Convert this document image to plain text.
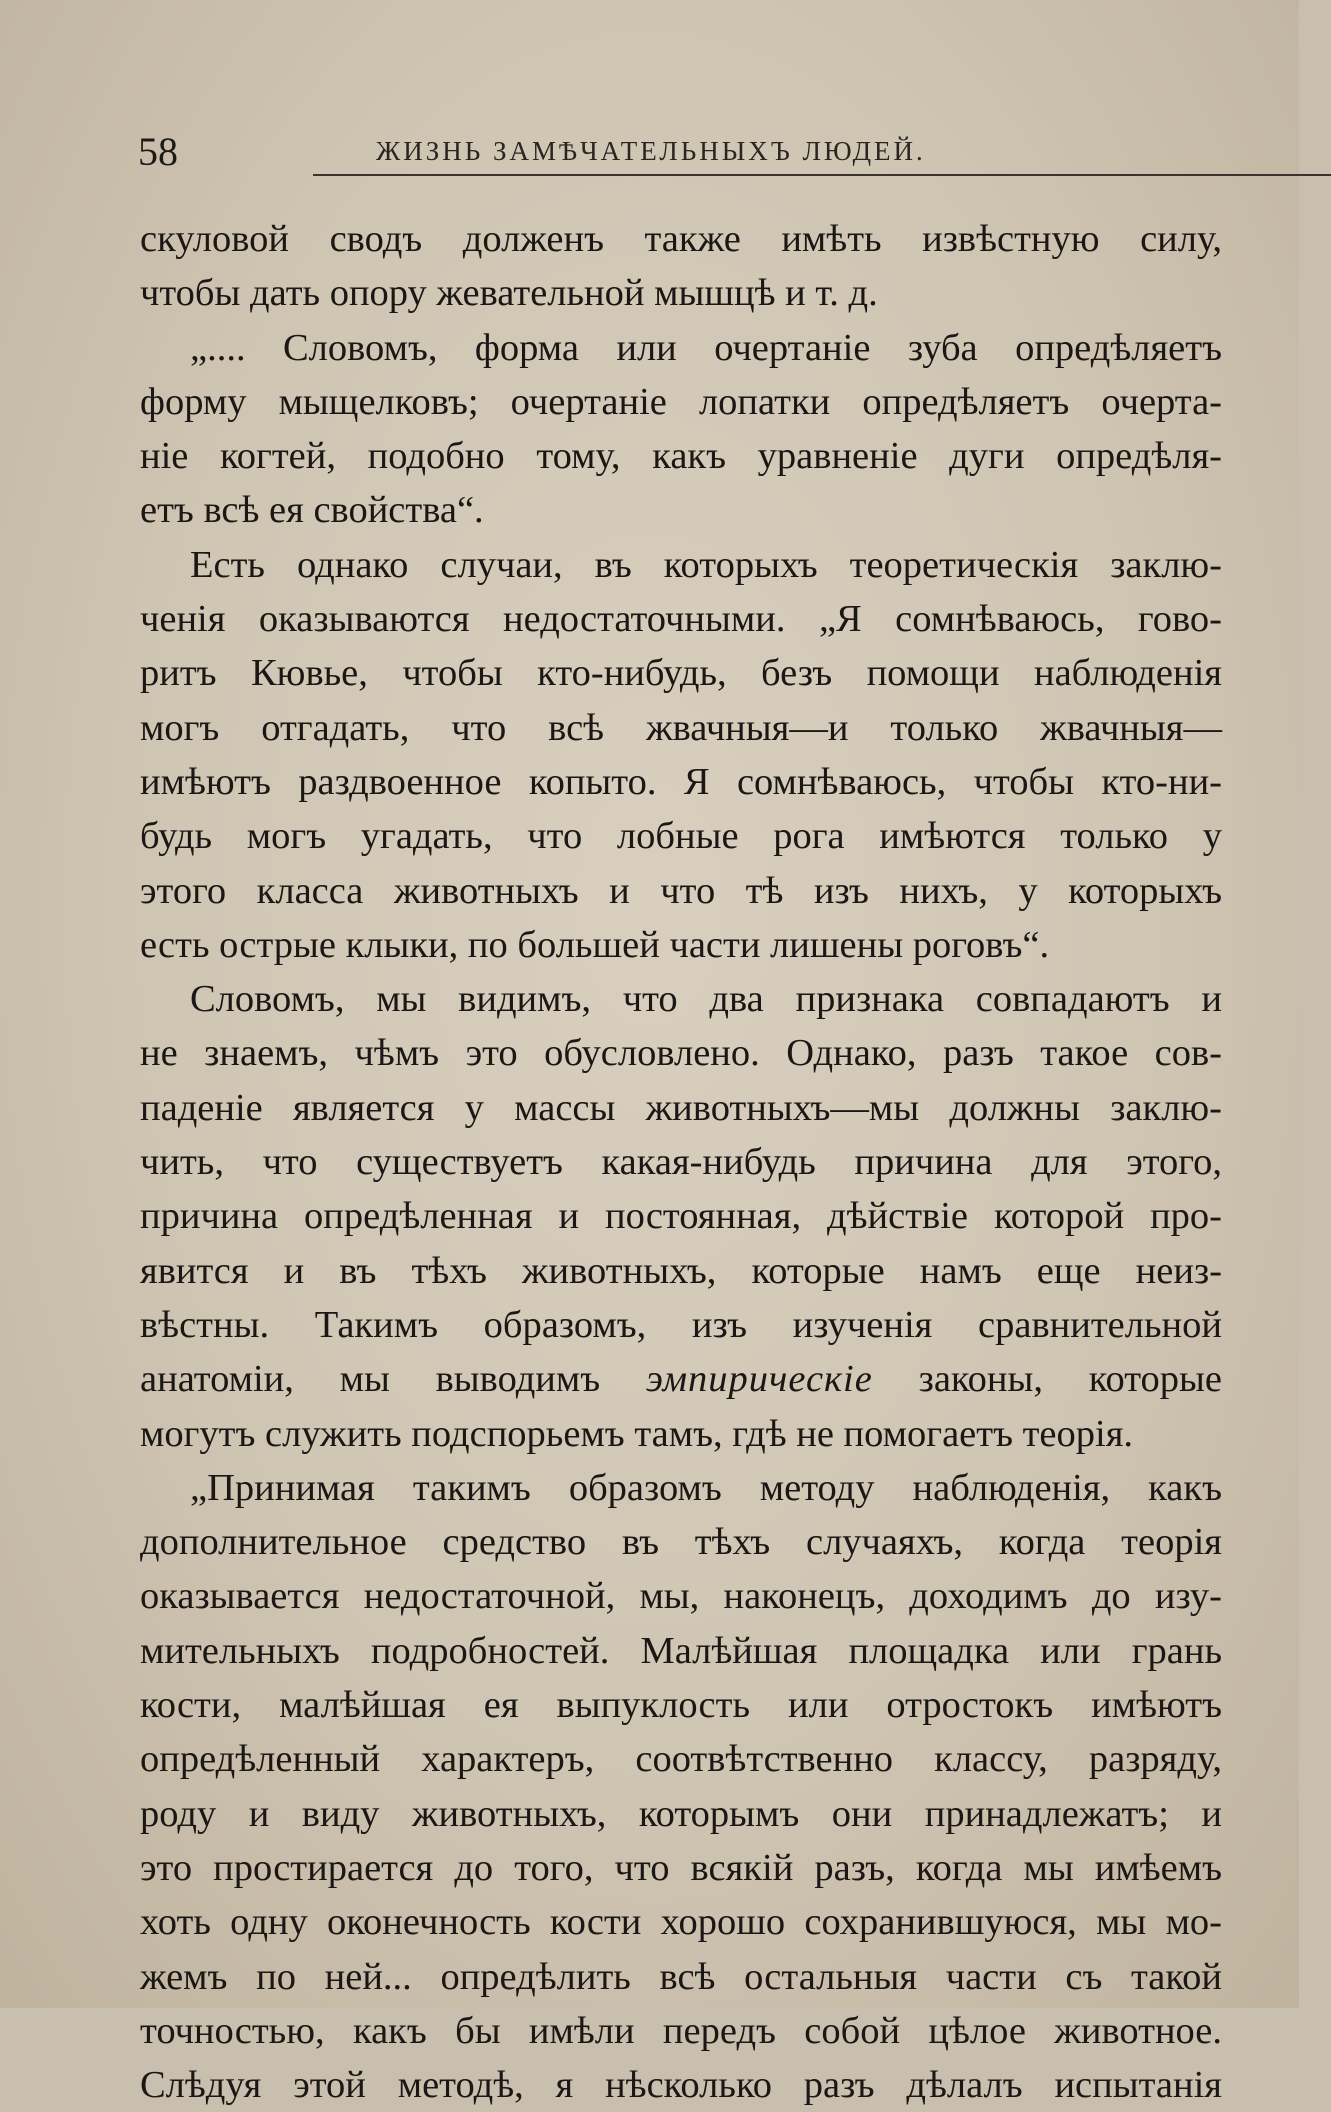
58	ЖИЗНЬ ЗАМѢЧАТЕЛЬНЫХЪ ЛЮДЕЙ.
скуловой сводъ долженъ также имѣть извѣстную силу,
чтобы дать опору жевательной мышцѣ и т. д.
„.... Словомъ, форма или очертаніе зуба опредѣляетъ
форму мыщелковъ; очертаніе лопатки опредѣляетъ очерта-
ніе когтей, подобно тому, какъ уравненіе дуги опредѣля-
етъ всѣ ея свойства“.
Есть однако случаи, въ которыхъ теоретическія заклю-
ченія оказываются недостаточными. „Я сомнѣваюсь, гово-
ритъ Кювье, чтобы кто-нибудь, безъ помощи наблюденія
могъ отгадать, что всѣ жвачныя—и только жвачныя—
имѣютъ раздвоенное копыто. Я сомнѣваюсь, чтобы кто-ни-
будь могъ угадать, что лобные рога имѣются только у
этого класса животныхъ и что тѣ изъ нихъ, у которыхъ
есть острые клыки, по большей части лишены роговъ“.
Словомъ, мы видимъ, что два признака совпадаютъ и
не знаемъ, чѣмъ это обусловлено. Однако, разъ такое сов-
паденіе является у массы животныхъ—мы должны заклю-
чить, что существуетъ какая-нибудь причина для этого,
причина опредѣленная и постоянная, дѣйствіе которой про-
явится и въ тѣхъ животныхъ, которые намъ еще неиз-
вѣстны. Такимъ образомъ, изъ изученія сравнительной
анатоміи, мы выводимъ эмпирическіе законы, которые
могутъ служить подспорьемъ тамъ, гдѣ не помогаетъ теорія.
„Принимая такимъ образомъ методу наблюденія, какъ
дополнительное средство въ тѣхъ случаяхъ, когда теорія
оказывается недостаточной, мы, наконецъ, доходимъ до изу-
мительныхъ подробностей. Малѣйшая площадка или грань
кости, малѣйшая ея выпуклость или отростокъ имѣютъ
опредѣленный характеръ, соотвѣтственно классу, разряду,
роду и виду животныхъ, которымъ они принадлежатъ; и
это простирается до того, что всякій разъ, когда мы имѣемъ
хоть одну оконечность кости хорошо сохранившуюся, мы мо-
жемъ по ней... опредѣлить всѣ остальныя части съ такой
точностью, какъ бы имѣли передъ собой цѣлое животное.
Слѣдуя этой методѣ, я нѣсколько разъ дѣлалъ испытанія
